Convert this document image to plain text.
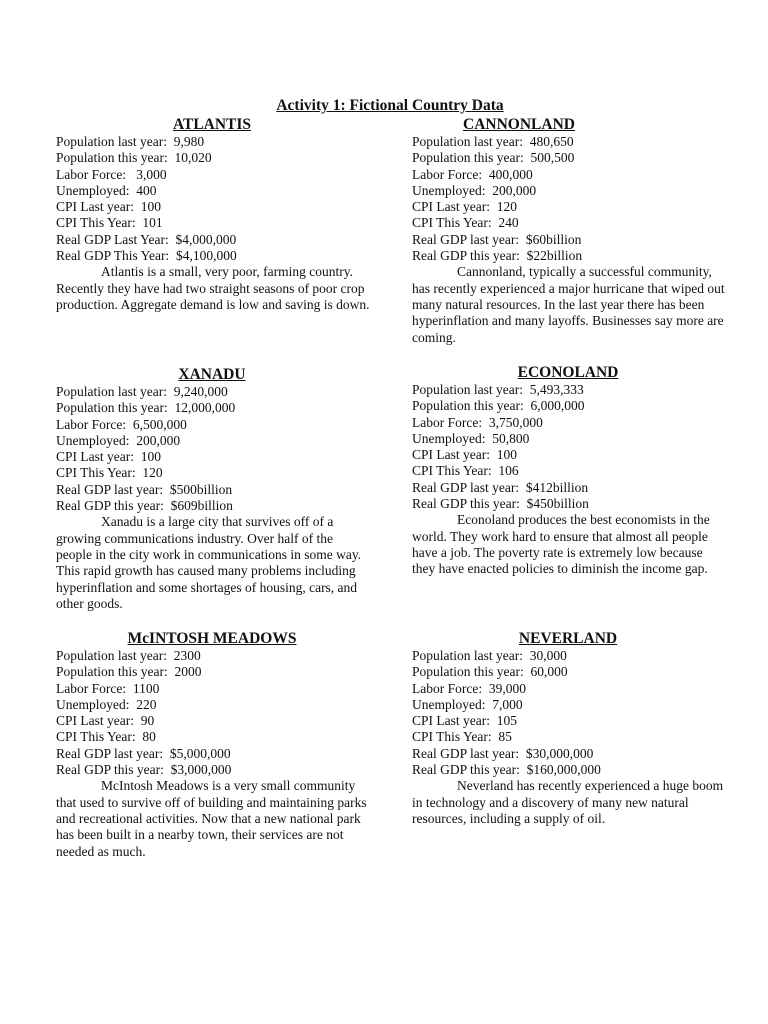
Activity 1: Fictional Country Data
ATLANTIS
Population last year:  9,980
Population this year:  10,020
Labor Force:   3,000
Unemployed:  400
CPI Last year:  100
CPI This Year:  101
Real GDP Last Year:  $4,000,000
Real GDP This Year:  $4,100,000
Atlantis is a small, very poor, farming country. Recently they have had two straight seasons of poor crop production. Aggregate demand is low and saving is down.
CANNONLAND
Population last year:  480,650
Population this year:  500,500
Labor Force:  400,000
Unemployed:  200,000
CPI Last year:  120
CPI This Year:  240
Real GDP last year:  $60billion
Real GDP this year:  $22billion
Cannonland, typically a successful community, has recently experienced a major hurricane that wiped out many natural resources. In the last year there has been hyperinflation and many layoffs. Businesses say more are coming.
XANADU
Population last year:  9,240,000
Population this year:  12,000,000
Labor Force:  6,500,000
Unemployed:  200,000
CPI Last year:  100
CPI This Year:  120
Real GDP last year:  $500billion
Real GDP this year:  $609billion
Xanadu is a large city that survives off of a growing communications industry. Over half of the people in the city work in communications in some way. This rapid growth has caused many problems including hyperinflation and some shortages of housing, cars, and other goods.
ECONOLAND
Population last year:  5,493,333
Population this year:  6,000,000
Labor Force:  3,750,000
Unemployed:  50,800
CPI Last year:  100
CPI This Year:  106
Real GDP last year:  $412billion
Real GDP this year:  $450billion
Econoland produces the best economists in the world. They work hard to ensure that almost all people have a job. The poverty rate is extremely low because they have enacted policies to diminish the income gap.
McINTOSH MEADOWS
Population last year:  2300
Population this year:  2000
Labor Force:  1100
Unemployed:  220
CPI Last year:  90
CPI This Year:  80
Real GDP last year:  $5,000,000
Real GDP this year:  $3,000,000
McIntosh Meadows is a very small community that used to survive off of building and maintaining parks and recreational activities. Now that a new national park has been built in a nearby town, their services are not needed as much.
NEVERLAND
Population last year:  30,000
Population this year:  60,000
Labor Force:  39,000
Unemployed:  7,000
CPI Last year:  105
CPI This Year:  85
Real GDP last year:  $30,000,000
Real GDP this year:  $160,000,000
Neverland has recently experienced a huge boom in technology and a discovery of many new natural resources, including a supply of oil.
